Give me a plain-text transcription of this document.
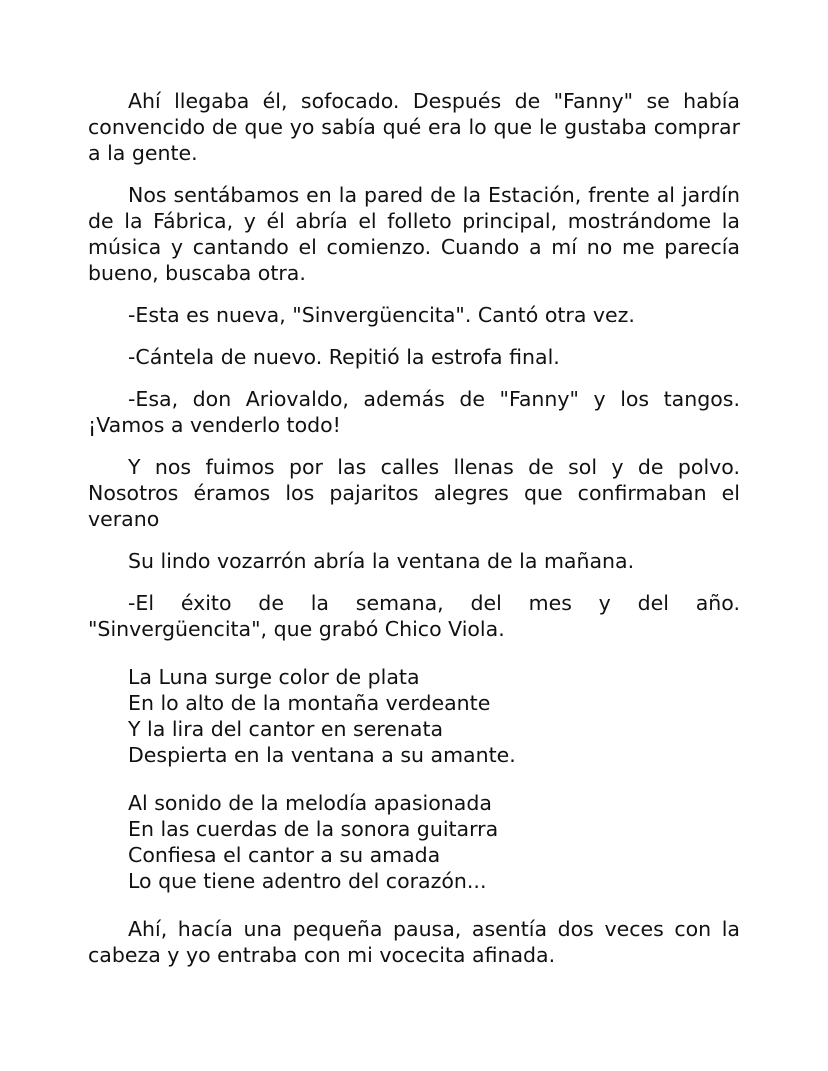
Ahí llegaba él, sofocado. Después de "Fanny" se había convencido de que yo sabía qué era lo que le gustaba comprar a la gente.

Nos sentábamos en la pared de la Estación, frente al jardín de la Fábrica, y él abría el folleto principal, mostrándome la música y cantando el comienzo. Cuando a mí no me parecía bueno, buscaba otra.

-Esta es nueva, "Sinvergüencita". Cantó otra vez.

-Cántela de nuevo. Repitió la estrofa final.

-Esa, don Ariovaldo, además de "Fanny" y los tangos. ¡Vamos a venderlo todo!

Y nos fuimos por las calles llenas de sol y de polvo. Nosotros éramos los pajaritos alegres que confirmaban el verano

Su lindo vozarrón abría la ventana de la mañana.

-El éxito de la semana, del mes y del año. "Sinvergüencita", que grabó Chico Viola.

La Luna surge color de plata
En lo alto de la montaña verdeante
Y la lira del cantor en serenata
Despierta en la ventana a su amante.
Al sonido de la melodía apasionada
En las cuerdas de la sonora guitarra
Confiesa el cantor a su amada
Lo que tiene adentro del corazón...

Ahí, hacía una pequeña pausa, asentía dos veces con la cabeza y yo entraba con mi vocecita afinada.
